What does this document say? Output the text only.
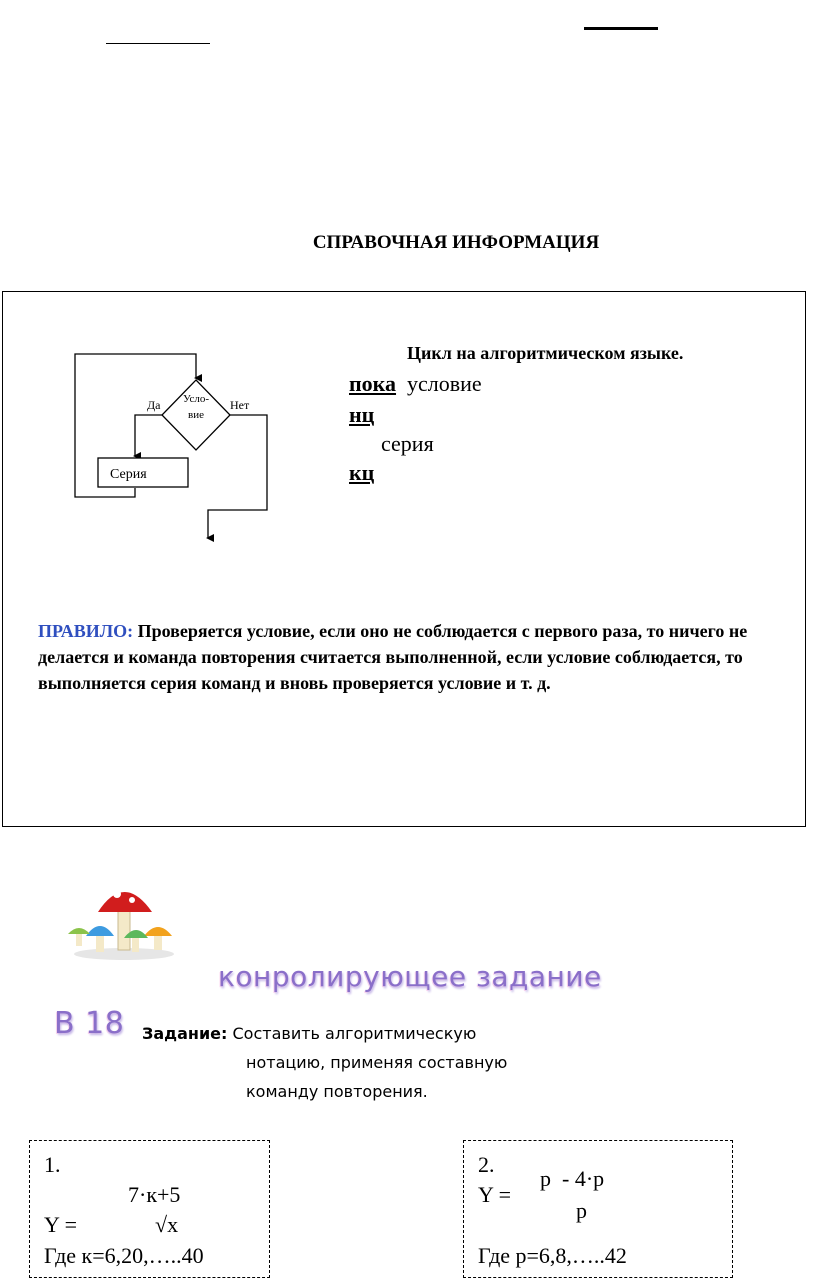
СПРАВОЧНАЯ ИНФОРМАЦИЯ
Усло-
вие
Да	Нет
Серия
Цикл на алгоритмическом языке.
пока условие
нц
серия
кц
ПРАВИЛО: Проверяется условие, если оно не соблюдается с первого раза, то ничего не делается и команда повторения считается выполненной, если условие соблюдается, то выполняется серия команд и вновь проверяется условие и т. д.
конролирующее задание
В 18 Задание: Составить алгоритмическую
нотацию, применяя составную
команду повторения.
1.
7·к+5
Y =	√x
Где к=6,20,…..40
2.
p  - 4·p
Y =
p
Где р=6,8,…..42
